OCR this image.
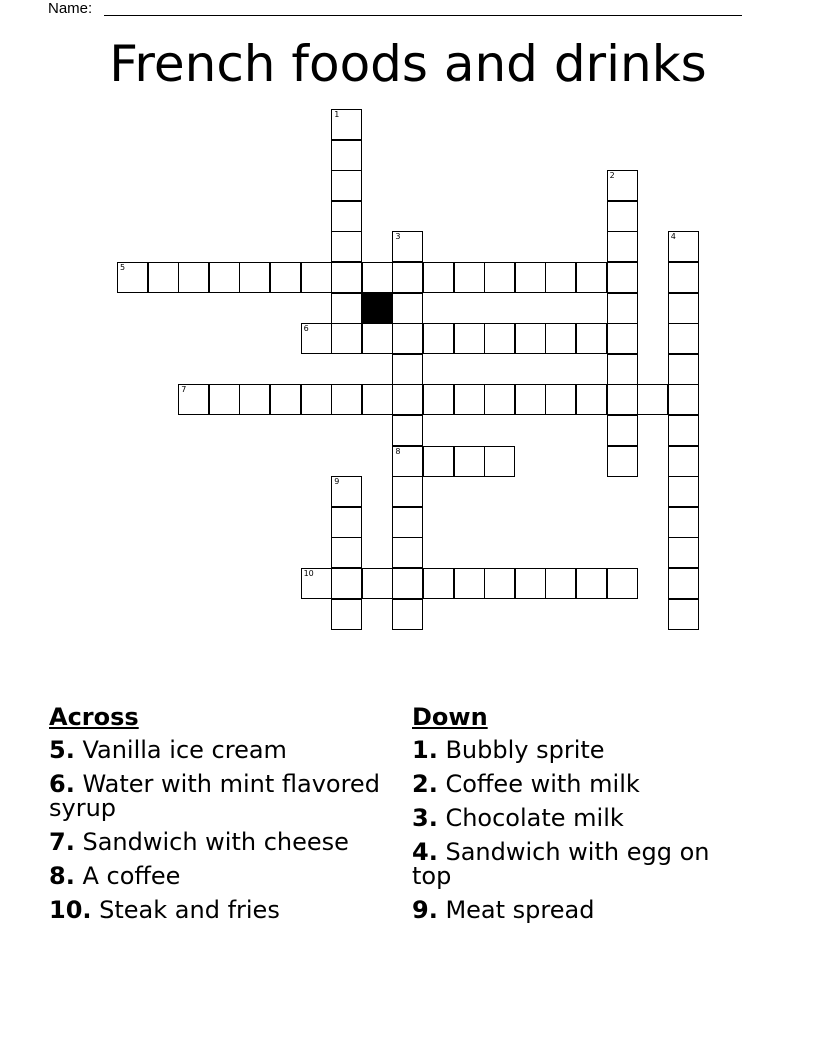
Name:
French foods and drinks
1
5
6
3
8
7
2
4
9
10
Across
5. Vanilla ice cream
6. Water with mint flavored syrup
7. Sandwich with cheese
8. A coffee
10. Steak and fries
Down
1. Bubbly sprite
2. Coffee with milk
3. Chocolate milk
4. Sandwich with egg on top
9. Meat spread
